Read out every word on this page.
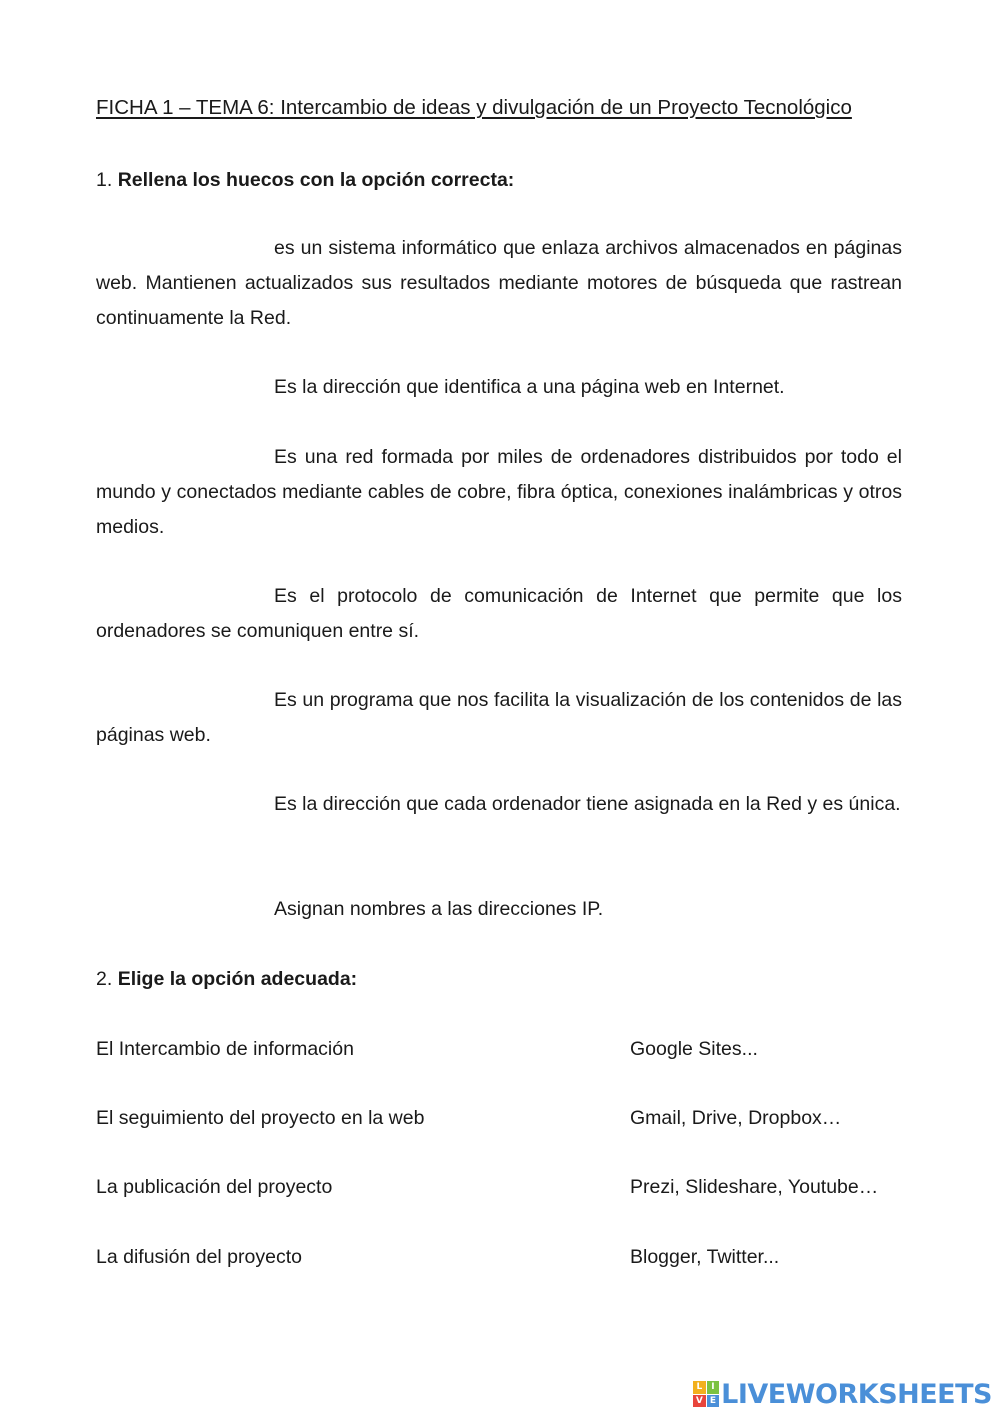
FICHA 1 – TEMA 6: Intercambio de ideas y divulgación de un Proyecto Tecnológico
1. Rellena los huecos con la opción correcta:
es un sistema informático que enlaza archivos almacenados en páginas web. Mantienen actualizados sus resultados mediante motores de búsqueda que rastrean continuamente la Red.
Es la dirección que identifica a una página web en Internet.
Es una red formada por miles de ordenadores distribuidos por todo el mundo y conectados mediante cables de cobre, fibra óptica, conexiones inalámbricas y otros medios.
Es el protocolo de comunicación de Internet que permite que los ordenadores se comuniquen entre sí.
Es un programa que nos facilita la visualización de los contenidos de las páginas web.
Es la dirección que cada ordenador tiene asignada en la Red y es única.
Asignan nombres a las direcciones IP.
2. Elige la opción adecuada:
El Intercambio de información	Google Sites...
El seguimiento del proyecto en la web	Gmail, Drive, Dropbox…
La publicación del proyecto	Prezi, Slideshare, Youtube…
La difusión del proyecto	Blogger, Twitter...
L I
V E LIVEWORKSHEETS
